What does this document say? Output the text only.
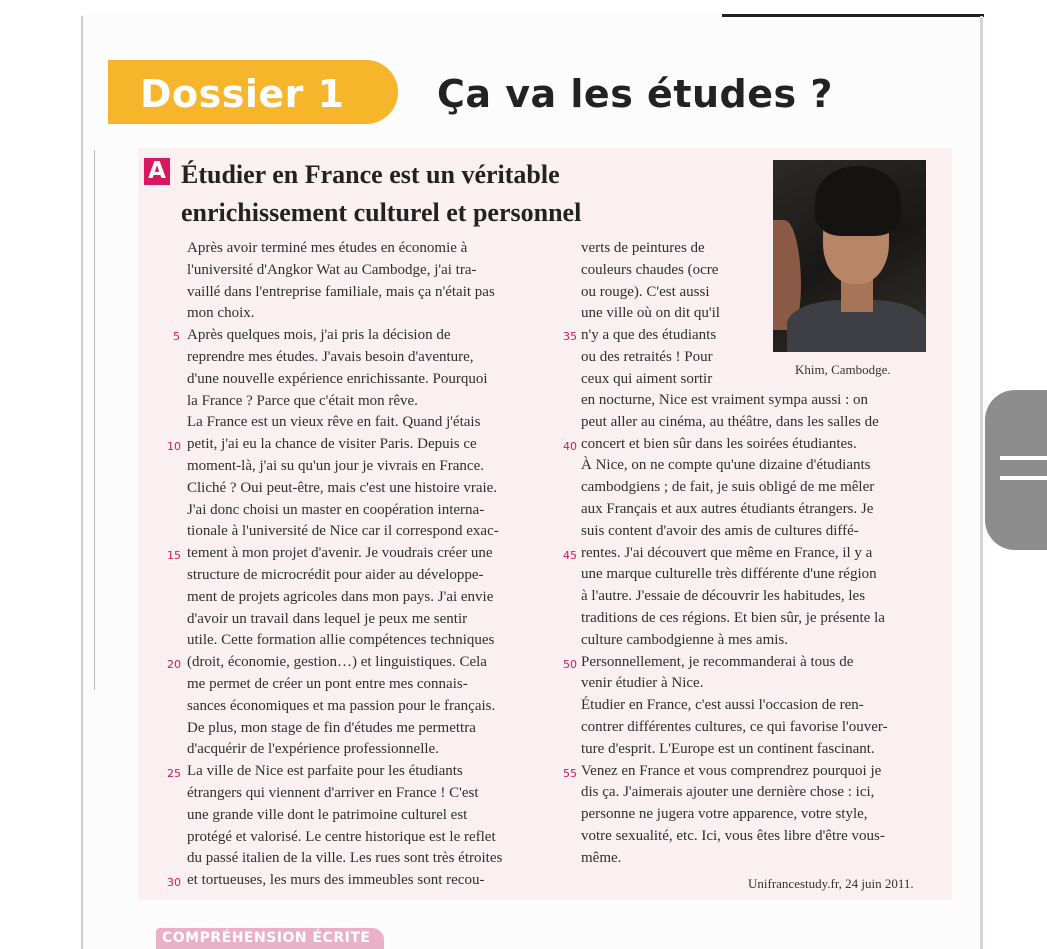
Dossier 1 Ça va les études ?
A Étudier en France est un véritable
enrichissement culturel et personnel
Khim, Cambodge.
Après avoir terminé mes études en économie à
l'université d'Angkor Wat au Cambodge, j'ai tra-
vaillé dans l'entreprise familiale, mais ça n'était pas
mon choix.
Après quelques mois, j'ai pris la décision de
reprendre mes études. J'avais besoin d'aventure,
d'une nouvelle expérience enrichissante. Pourquoi
la France ? Parce que c'était mon rêve.
La France est un vieux rêve en fait. Quand j'étais
petit, j'ai eu la chance de visiter Paris. Depuis ce
moment-là, j'ai su qu'un jour je vivrais en France.
Cliché ? Oui peut-être, mais c'est une histoire vraie.
J'ai donc choisi un master en coopération interna-
tionale à l'université de Nice car il correspond exac-
tement à mon projet d'avenir. Je voudrais créer une
structure de microcrédit pour aider au développe-
ment de projets agricoles dans mon pays. J'ai envie
d'avoir un travail dans lequel je peux me sentir
utile. Cette formation allie compétences techniques
(droit, économie, gestion…) et linguistiques. Cela
me permet de créer un pont entre mes connais-
sances économiques et ma passion pour le français.
De plus, mon stage de fin d'études me permettra
d'acquérir de l'expérience professionnelle.
La ville de Nice est parfaite pour les étudiants
étrangers qui viennent d'arriver en France ! C'est
une grande ville dont le patrimoine culturel est
protégé et valorisé. Le centre historique est le reflet
du passé italien de la ville. Les rues sont très étroites
et tortueuses, les murs des immeubles sont recou-
verts de peintures de
couleurs chaudes (ocre
ou rouge). C'est aussi
une ville où on dit qu'il
n'y a que des étudiants
ou des retraités ! Pour
ceux qui aiment sortir
en nocturne, Nice est vraiment sympa aussi : on
peut aller au cinéma, au théâtre, dans les salles de
concert et bien sûr dans les soirées étudiantes.
À Nice, on ne compte qu'une dizaine d'étudiants
cambodgiens ; de fait, je suis obligé de me mêler
aux Français et aux autres étudiants étrangers. Je
suis content d'avoir des amis de cultures diffé-
rentes. J'ai découvert que même en France, il y a
une marque culturelle très différente d'une région
à l'autre. J'essaie de découvrir les habitudes, les
traditions de ces régions. Et bien sûr, je présente la
culture cambodgienne à mes amis.
Personnellement, je recommanderai à tous de
venir étudier à Nice.
Étudier en France, c'est aussi l'occasion de ren-
contrer différentes cultures, ce qui favorise l'ouver-
ture d'esprit. L'Europe est un continent fascinant.
Venez en France et vous comprendrez pourquoi je
dis ça. J'aimerais ajouter une dernière chose : ici,
personne ne jugera votre apparence, votre style,
votre sexualité, etc. Ici, vous êtes libre d'être vous-
même.
5
10
15
20
25
30
35
40
45
50
55
Unifrancestudy.fr, 24 juin 2011.
COMPRÉHENSION ÉCRITE
